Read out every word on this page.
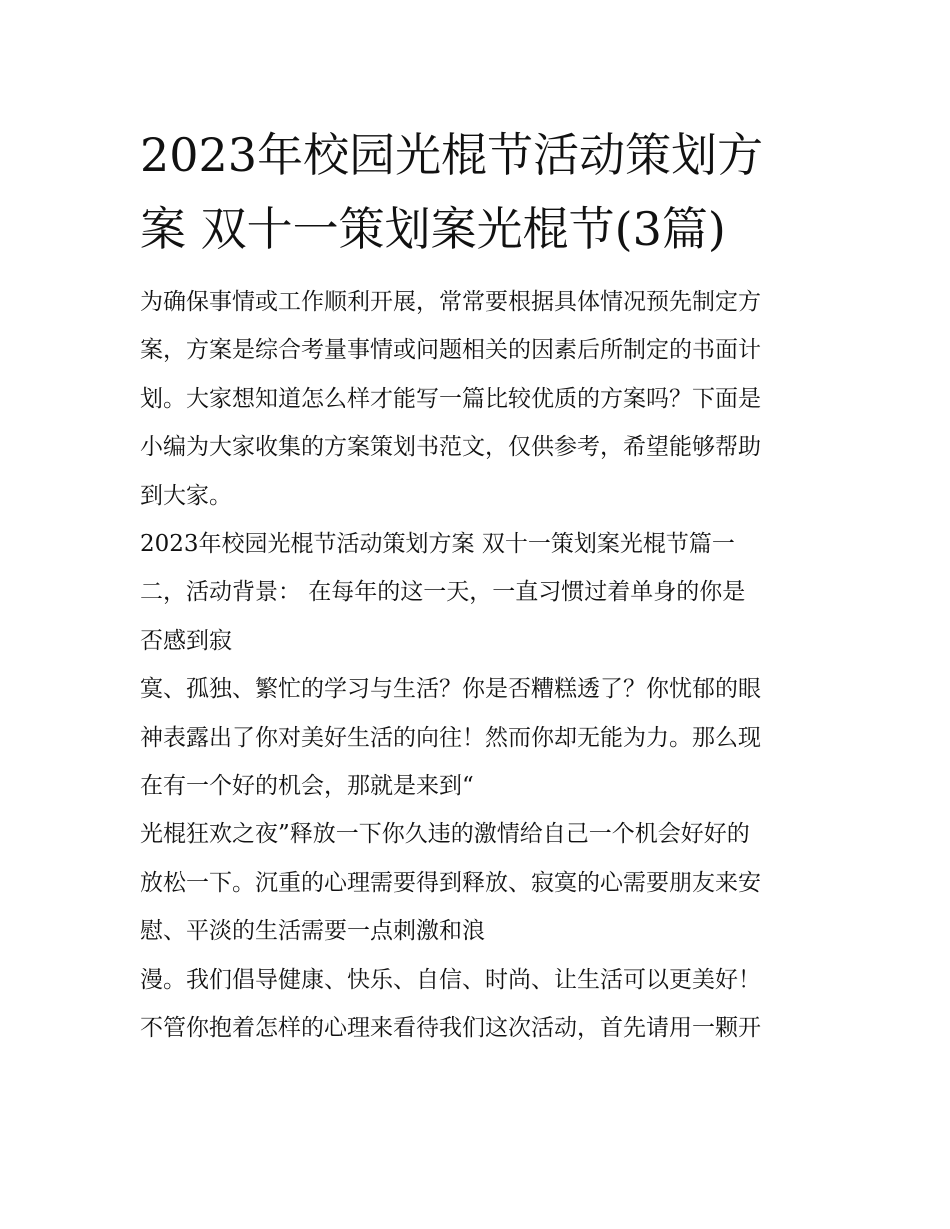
2023年校园光棍节活动策划方
案 双十一策划案光棍节(3篇)
为确保事情或工作顺利开展，常常要根据具体情况预先制定方
案，方案是综合考量事情或问题相关的因素后所制定的书面计
划。大家想知道怎么样才能写一篇比较优质的方案吗？下面是
小编为大家收集的方案策划书范文，仅供参考，希望能够帮助
到大家。
2023年校园光棍节活动策划方案 双十一策划案光棍节篇一
二，活动背景： 在每年的这一天，一直习惯过着单身的你是
否感到寂
寞、孤独、繁忙的学习与生活？你是否糟糕透了？你忧郁的眼
神表露出了你对美好生活的向往！然而你却无能为力。那么现
在有一个好的机会，那就是来到“
光棍狂欢之夜”释放一下你久违的激情给自己一个机会好好的
放松一下。沉重的心理需要得到释放、寂寞的心需要朋友来安
慰、平淡的生活需要一点刺激和浪
漫。我们倡导健康、快乐、自信、时尚、让生活可以更美好！
不管你抱着怎样的心理来看待我们这次活动，首先请用一颗开
